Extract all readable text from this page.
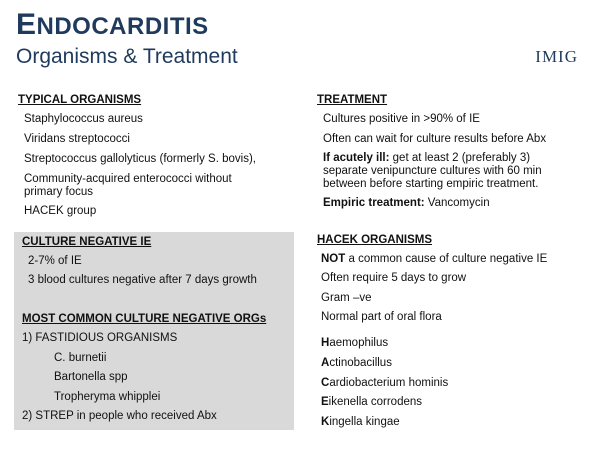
ENDOCARDITIS
Organisms & Treatment	IMIG
TYPICAL ORGANISMS
Staphylococcus aureus
Viridans streptococci
Streptococcus gallolyticus (formerly S. bovis),
Community-acquired enterococci without
primary focus
HACEK group
TREATMENT
Cultures positive in >90% of IE
Often can wait for culture results before Abx
If acutely ill: get at least 2 (preferably 3)
separate venipuncture cultures with 60 min
between before starting empiric treatment.
Empiric treatment: Vancomycin
CULTURE NEGATIVE IE
2-7% of IE
3 blood cultures negative after 7 days growth
MOST COMMON CULTURE NEGATIVE ORGs
1) FASTIDIOUS ORGANISMS
C. burnetii
Bartonella spp
Tropheryma whipplei
2) STREP in people who received Abx
HACEK ORGANISMS
NOT a common cause of culture negative IE
Often require 5 days to grow
Gram –ve
Normal part of oral flora
Haemophilus
Actinobacillus
Cardiobacterium hominis
Eikenella corrodens
Kingella kingae
